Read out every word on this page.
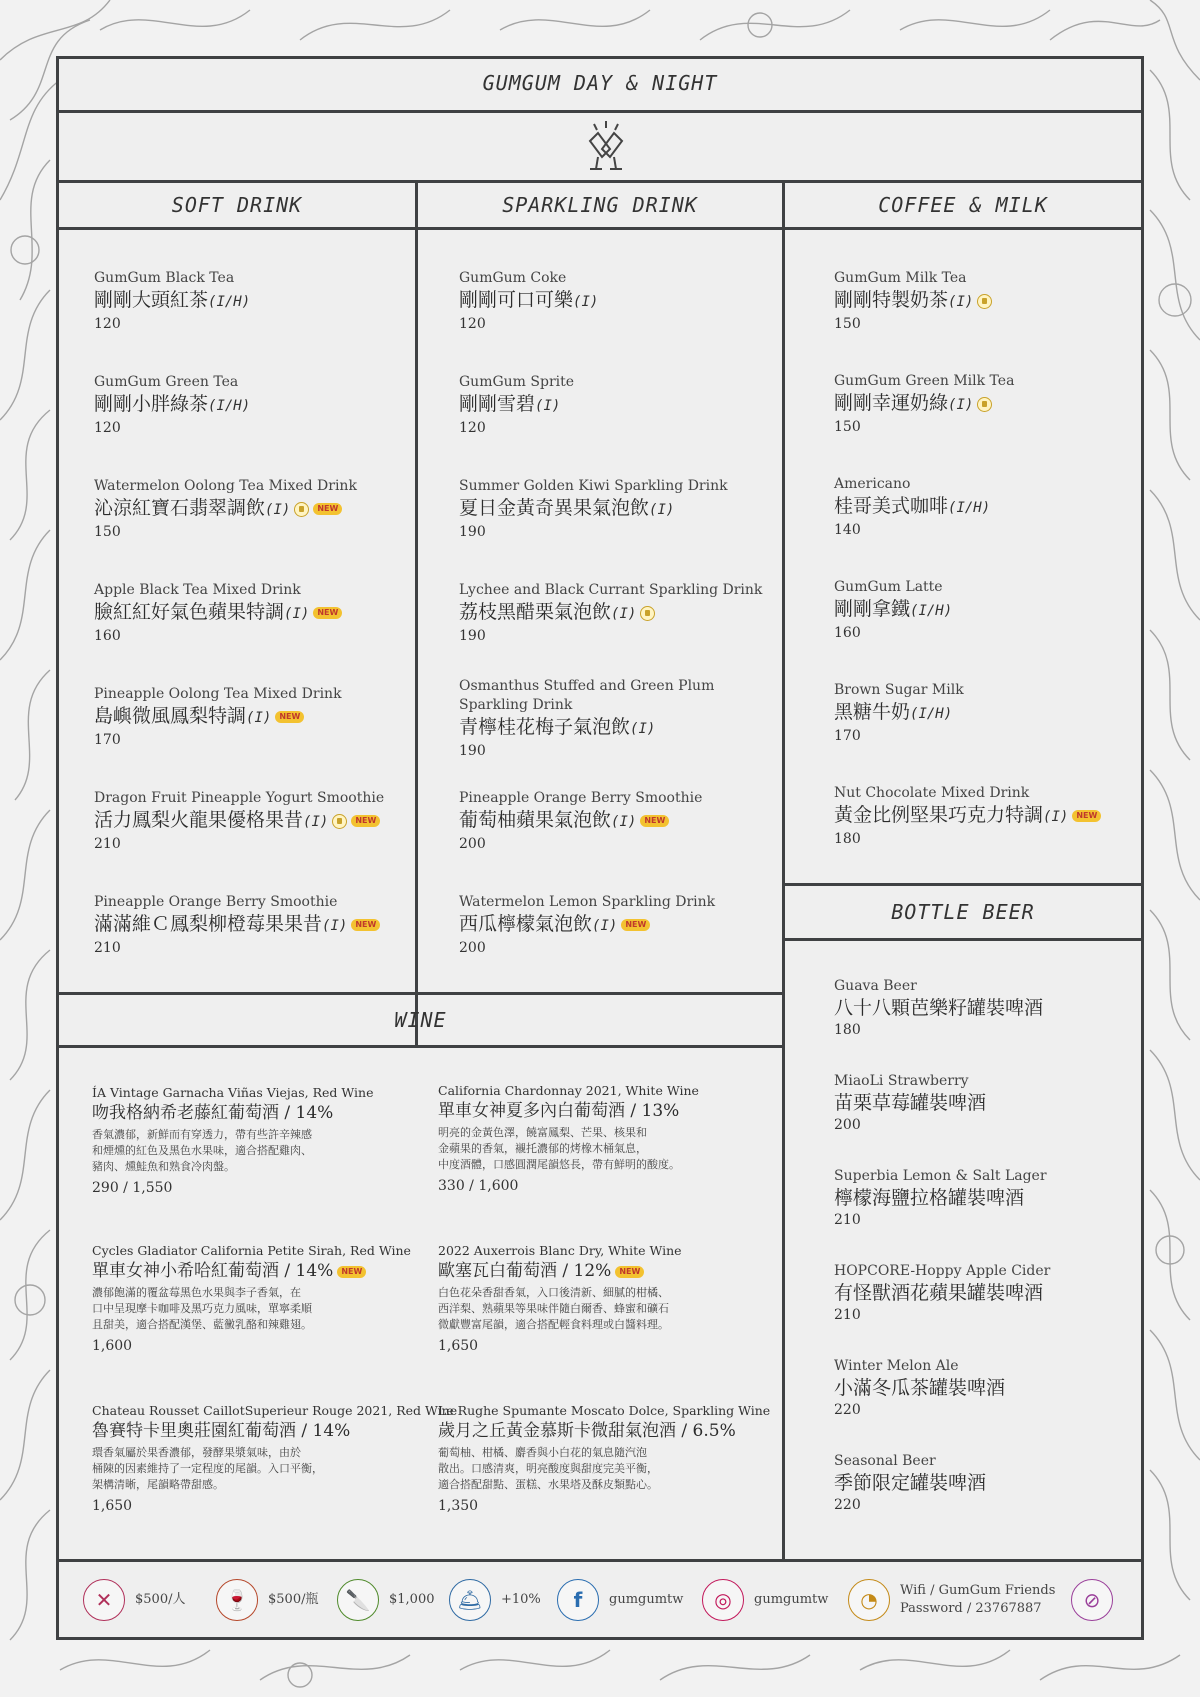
GUMGUM DAY & NIGHT
SOFT DRINK	SPARKLING DRINK	COFFEE & MILK
GumGum Black Tea
剛剛大頭紅茶(I/H)
120
GumGum Green Tea
剛剛小胖綠茶(I/H)
120
Watermelon Oolong Tea Mixed Drink
沁涼紅寶石翡翠調飲(I)	NEW
150
Apple Black Tea Mixed Drink
臉紅紅好氣色蘋果特調(I) NEW
160
Pineapple Oolong Tea Mixed Drink
島嶼微風鳳梨特調(I) NEW
170
Dragon Fruit Pineapple Yogurt Smoothie
活力鳳梨火龍果優格果昔(I)	NEW
210
Pineapple Orange Berry Smoothie
滿滿維Ｃ鳳梨柳橙莓果果昔(I) NEW
210
GumGum Coke
剛剛可口可樂(I)
120
GumGum Sprite
剛剛雪碧(I)
120
Summer Golden Kiwi Sparkling Drink
夏日金黃奇異果氣泡飲(I)
190
Lychee and Black Currant Sparkling Drink
荔枝黑醋栗氣泡飲(I)
190
Osmanthus Stuffed and Green Plum Sparkling Drink
青檸桂花梅子氣泡飲(I)
190
Pineapple Orange Berry Smoothie
葡萄柚蘋果氣泡飲(I) NEW
200
Watermelon Lemon Sparkling Drink
西瓜檸檬氣泡飲(I) NEW
200
GumGum Milk Tea
剛剛特製奶茶(I)
150
GumGum Green Milk Tea
剛剛幸運奶綠(I)
150
Americano
桂哥美式咖啡(I/H)
140
GumGum Latte
剛剛拿鐵(I/H)
160
Brown Sugar Milk
黑糖牛奶(I/H)
170
Nut Chocolate Mixed Drink
黃金比例堅果巧克力特調(I) NEW
180
BOTTLE BEER
Guava Beer
八十八顆芭樂籽罐裝啤酒
180
MiaoLi Strawberry
苗栗草莓罐裝啤酒
200
Superbia Lemon & Salt Lager
檸檬海鹽拉格罐裝啤酒
210
HOPCORE-Hoppy Apple Cider
有怪獸酒花蘋果罐裝啤酒
210
Winter Melon Ale
小滿冬瓜茶罐裝啤酒
220
Seasonal Beer
季節限定罐裝啤酒
220
WINE
ÍA Vintage Garnacha Viñas Viejas, Red Wine
吻我格納希老藤紅葡萄酒 / 14%
香氣濃郁，新鮮而有穿透力，帶有些許辛辣感
和煙燻的紅色及黑色水果味，適合搭配雞肉、
豬肉、燻鮭魚和熟食冷肉盤。
290 / 1,550
California Chardonnay 2021, White Wine
單車女神夏多內白葡萄酒 / 13%
明亮的金黃色澤，饒富鳳梨、芒果、核果和
金蘋果的香氣，襯托濃郁的烤橡木桶氣息，
中度酒體，口感圓潤尾韻悠長，帶有鮮明的酸度。
330 / 1,600
Cycles Gladiator California Petite Sirah, Red Wine
單車女神小希哈紅葡萄酒 / 14% NEW
濃郁飽滿的覆盆莓黑色水果與李子香氣，在
口中呈現摩卡咖啡及黑巧克力風味，單寧柔順
且甜美，適合搭配漢堡、藍黴乳酪和辣雞翅。
1,600
2022 Auxerrois Blanc Dry, White Wine
歐塞瓦白葡萄酒 / 12% NEW
白色花朵香甜香氣，入口後清新、細膩的柑橘、
西洋梨、熟蘋果等果味伴隨白爾香、蜂蜜和礦石
微獻豐富尾韻，適合搭配輕食料理或白醬料理。
1,650
Chateau Rousset CaillotSuperieur Rouge 2021, Red Wine
魯賽特卡里奧莊園紅葡萄酒 / 14%
環香氣屬於果香濃郁，發酵果漿氣味，由於
桶陳的因素維持了一定程度的尾韻。入口平衡，
架構清晰，尾韻略帶甜感。
1,650
Le Rughe Spumante Moscato Dolce, Sparkling Wine
歲月之丘黃金慕斯卡微甜氣泡酒 / 6.5%
葡萄柚、柑橘、麝香與小白花的氣息隨汽泡
散出。口感清爽，明亮酸度與甜度完美平衡，
適合搭配甜點、蛋糕、水果塔及酥皮類點心。
1,350
✕	$500/人	🍷	$500/瓶	🔪	$1,000	🛎	+10%	f	gumgumtw	◎	gumgumtw	◔	Wifi / GumGum Friends
Password / 23767887	⊘
